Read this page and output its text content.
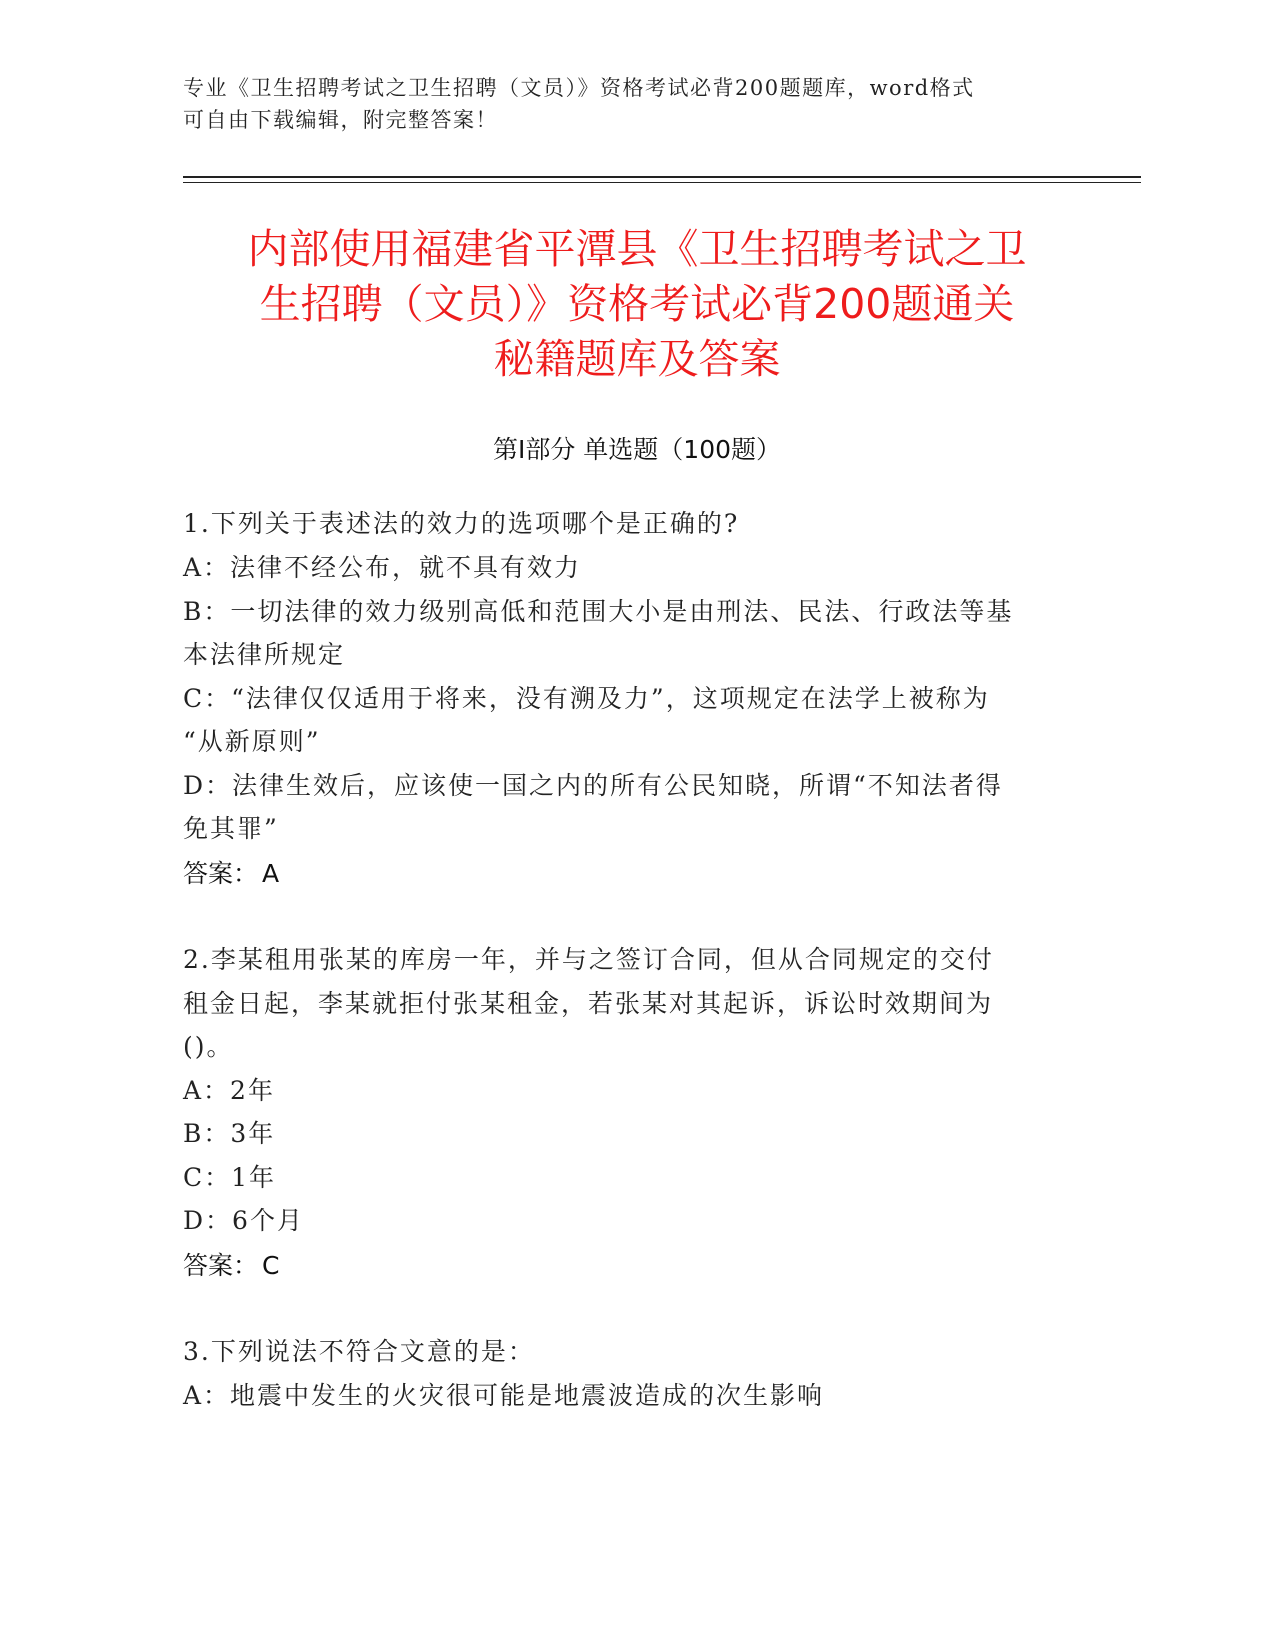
专业《卫生招聘考试之卫生招聘（文员）》资格考试必背200题题库，word格式
可自由下载编辑，附完整答案！
内部使用福建省平潭县《卫生招聘考试之卫
生招聘（文员）》资格考试必背200题通关
秘籍题库及答案
第Ⅰ部分 单选题（100题）
1.下列关于表述法的效力的选项哪个是正确的?
A：法律不经公布，就不具有效力
B：一切法律的效力级别高低和范围大小是由刑法、民法、行政法等基
本法律所规定
C：“法律仅仅适用于将来，没有溯及力”，这项规定在法学上被称为
“从新原则”
D：法律生效后，应该使一国之内的所有公民知晓，所谓“不知法者得
免其罪”
答案： A
2.李某租用张某的库房一年，并与之签订合同，但从合同规定的交付
租金日起，李某就拒付张某租金，若张某对其起诉，诉讼时效期间为
()。
A：2年
B：3年
C：1年
D：6个月
答案： C
3.下列说法不符合文意的是：
A：地震中发生的火灾很可能是地震波造成的次生影响
